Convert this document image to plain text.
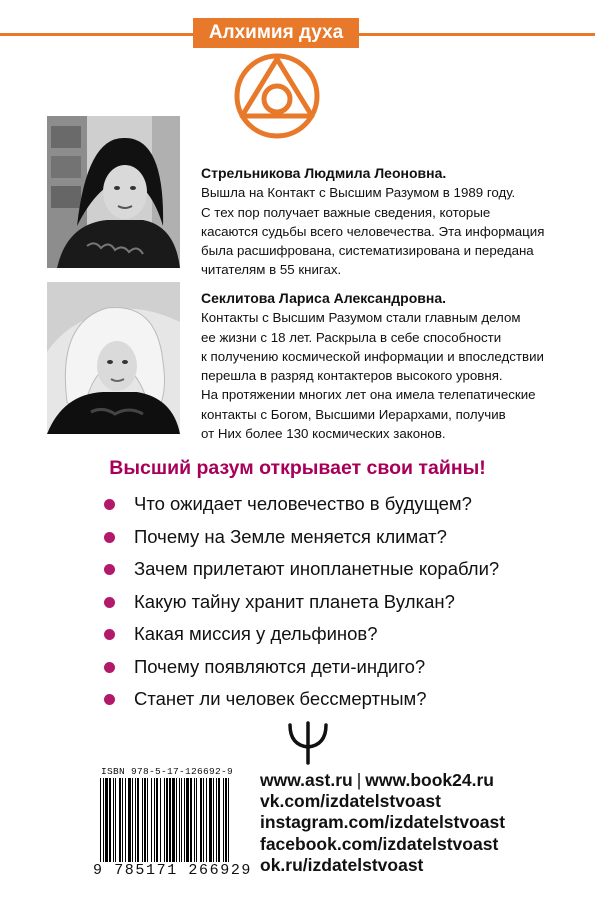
Алхимия духа
Стрельникова Людмила Леоновна.
Вышла на Контакт с Высшим Разумом в 1989 году.
С тех пор получает важные сведения, которые
касаются судьбы всего человечества. Эта информация
была расшифрована, систематизирована и передана
читателям в 55 книгах.
Секлитова Лариса Александровна.
Контакты с Высшим Разумом стали главным делом
ее жизни с 18 лет. Раскрыла в себе способности
к получению космической информации и впоследствии
перешла в разряд контактеров высокого уровня.
На протяжении многих лет она имела телепатические
контакты с Богом, Высшими Иерархами, получив
от Них более 130 космических законов.
Высший разум открывает свои тайны!
Что ожидает человечество в будущем?
Почему на Земле меняется климат?
Зачем прилетают инопланетные корабли?
Какую тайну хранит планета Вулкан?
Какая миссия у дельфинов?
Почему появляются дети-индиго?
Станет ли человек бессмертным?
ISBN 978-5-17-126692-9
9 785171 266929
www.ast.ru | www.book24.ru
vk.com/izdatelstvoast
instagram.com/izdatelstvoast
facebook.com/izdatelstvoast
ok.ru/izdatelstvoast
